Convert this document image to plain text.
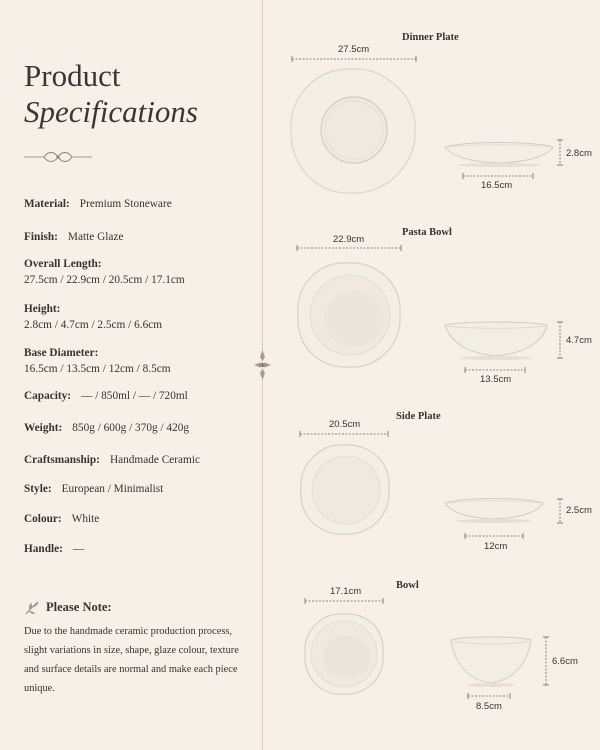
Product
Specifications
Material: Premium Stoneware
Finish: Matte Glaze
Overall Length:
27.5cm / 22.9cm / 20.5cm / 17.1cm
Height:
2.8cm / 4.7cm / 2.5cm / 6.6cm
Base Diameter:
16.5cm / 13.5cm / 12cm / 8.5cm
Capacity: — / 850ml / — / 720ml
Weight: 850g / 600g / 370g / 420g
Craftsmanship: Handmade Ceramic
Style: European / Minimalist
Colour: White
Handle: —
Please Note:
Due to the handmade ceramic production process, slight variations in size, shape, glaze colour, texture and surface details are normal and make each piece unique.
Dinner Plate
27.5cm
16.5cm
2.8cm
Pasta Bowl
22.9cm
13.5cm
4.7cm
Side Plate
20.5cm
12cm
2.5cm
Bowl
17.1cm
8.5cm
6.6cm
